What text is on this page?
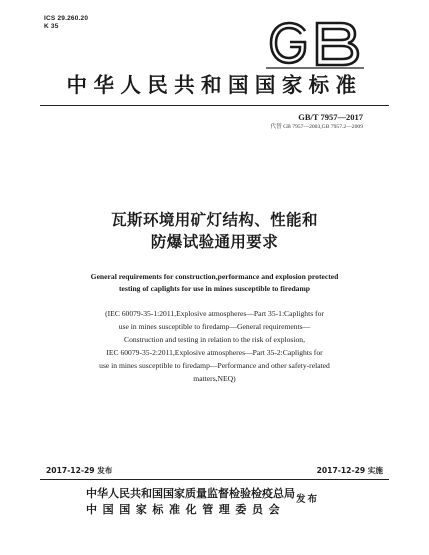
ICS 29.260.20
K 35
中华人民共和国国家标准
GB/T 7957—2017
代替 GB 7957—2003,GB 7957.2—2009
瓦斯环境用矿灯结构、性能和
防爆试验通用要求
General requirements for construction,performance and explosion protected
testing of caplights for use in mines susceptible to firedamp
(IEC 60079-35-1:2011,Explosive atmospheres—Part 35-1:Caplights for
use in mines susceptible to firedamp—General requirements—
Construction and testing in relation to the risk of explosion,
IEC 60079-35-2:2011,Explosive atmospheres—Part 35-2:Caplights for
use in mines susceptible to firedamp—Performance and other safety-related
matters,NEQ)
2017-12-29 发布	2017-12-29 实施
中华人民共和国国家质量监督检验检疫总局
中国国家标准化管理委员会
发布
